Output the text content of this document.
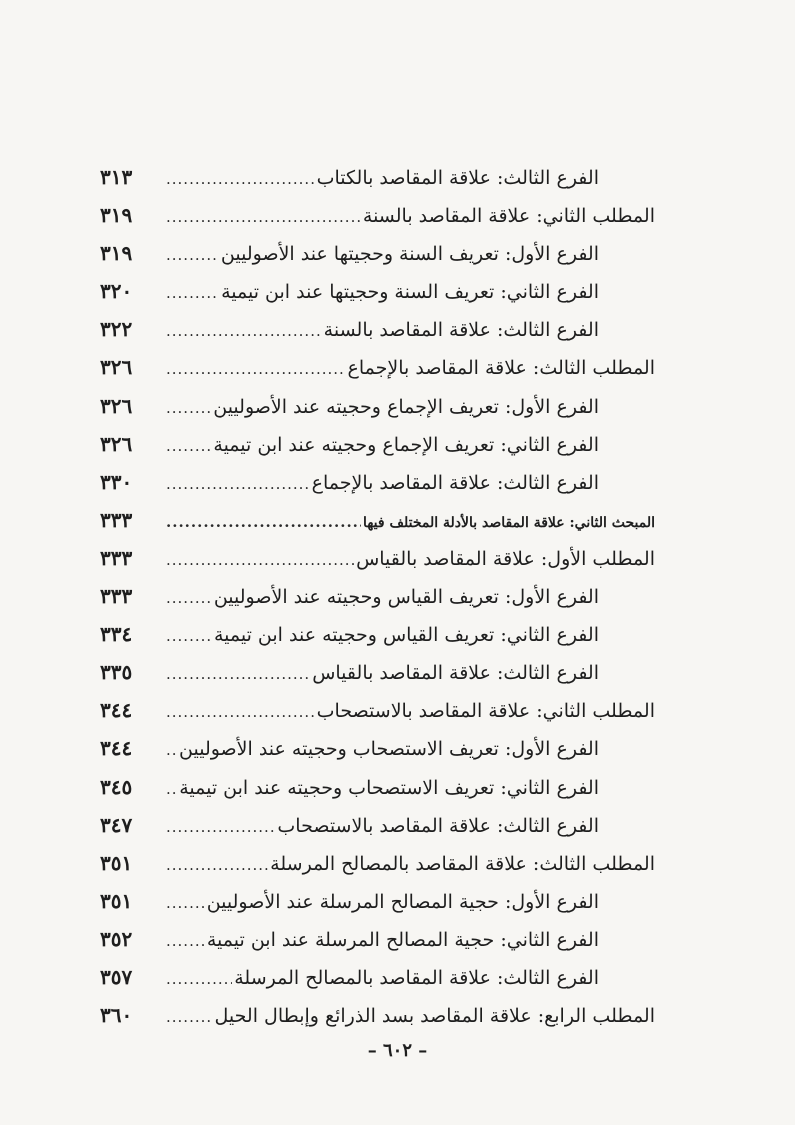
الفرع الثالث: علاقة المقاصد بالكتاب
.....
٣١٣
المطلب الثاني: علاقة المقاصد بالسنة
.....
٣١٩
الفرع الأول: تعريف السنة وحجيتها عند الأصوليين
.....
٣١٩
الفرع الثاني: تعريف السنة وحجيتها عند ابن تيمية
.....
٣٢٠
الفرع الثالث: علاقة المقاصد بالسنة
.....
٣٢٢
المطلب الثالث: علاقة المقاصد بالإجماع
.....
٣٢٦
الفرع الأول: تعريف الإجماع وحجيته عند الأصوليين
.....
٣٢٦
الفرع الثاني: تعريف الإجماع وحجيته عند ابن تيمية
.....
٣٢٦
الفرع الثالث: علاقة المقاصد بالإجماع
.....
٣٣٠
المبحث الثاني: علاقة المقاصد بالأدلة المختلف فيها
.....
٣٣٣
المطلب الأول: علاقة المقاصد بالقياس
.....
٣٣٣
الفرع الأول: تعريف القياس وحجيته عند الأصوليين
.....
٣٣٣
الفرع الثاني: تعريف القياس وحجيته عند ابن تيمية
.....
٣٣٤
الفرع الثالث: علاقة المقاصد بالقياس
.....
٣٣٥
المطلب الثاني: علاقة المقاصد بالاستصحاب
.....
٣٤٤
الفرع الأول: تعريف الاستصحاب وحجيته عند الأصوليين
.....
٣٤٤
الفرع الثاني: تعريف الاستصحاب وحجيته عند ابن تيمية
.....
٣٤٥
الفرع الثالث: علاقة المقاصد بالاستصحاب
.....
٣٤٧
المطلب الثالث: علاقة المقاصد بالمصالح المرسلة
.....
٣٥١
الفرع الأول: حجية المصالح المرسلة عند الأصوليين
.....
٣٥١
الفرع الثاني: حجية المصالح المرسلة عند ابن تيمية
.....
٣٥٢
الفرع الثالث: علاقة المقاصد بالمصالح المرسلة
.....
٣٥٧
المطلب الرابع: علاقة المقاصد بسد الذرائع وإبطال الحيل
.....
٣٦٠
– ٦٠٢ –
